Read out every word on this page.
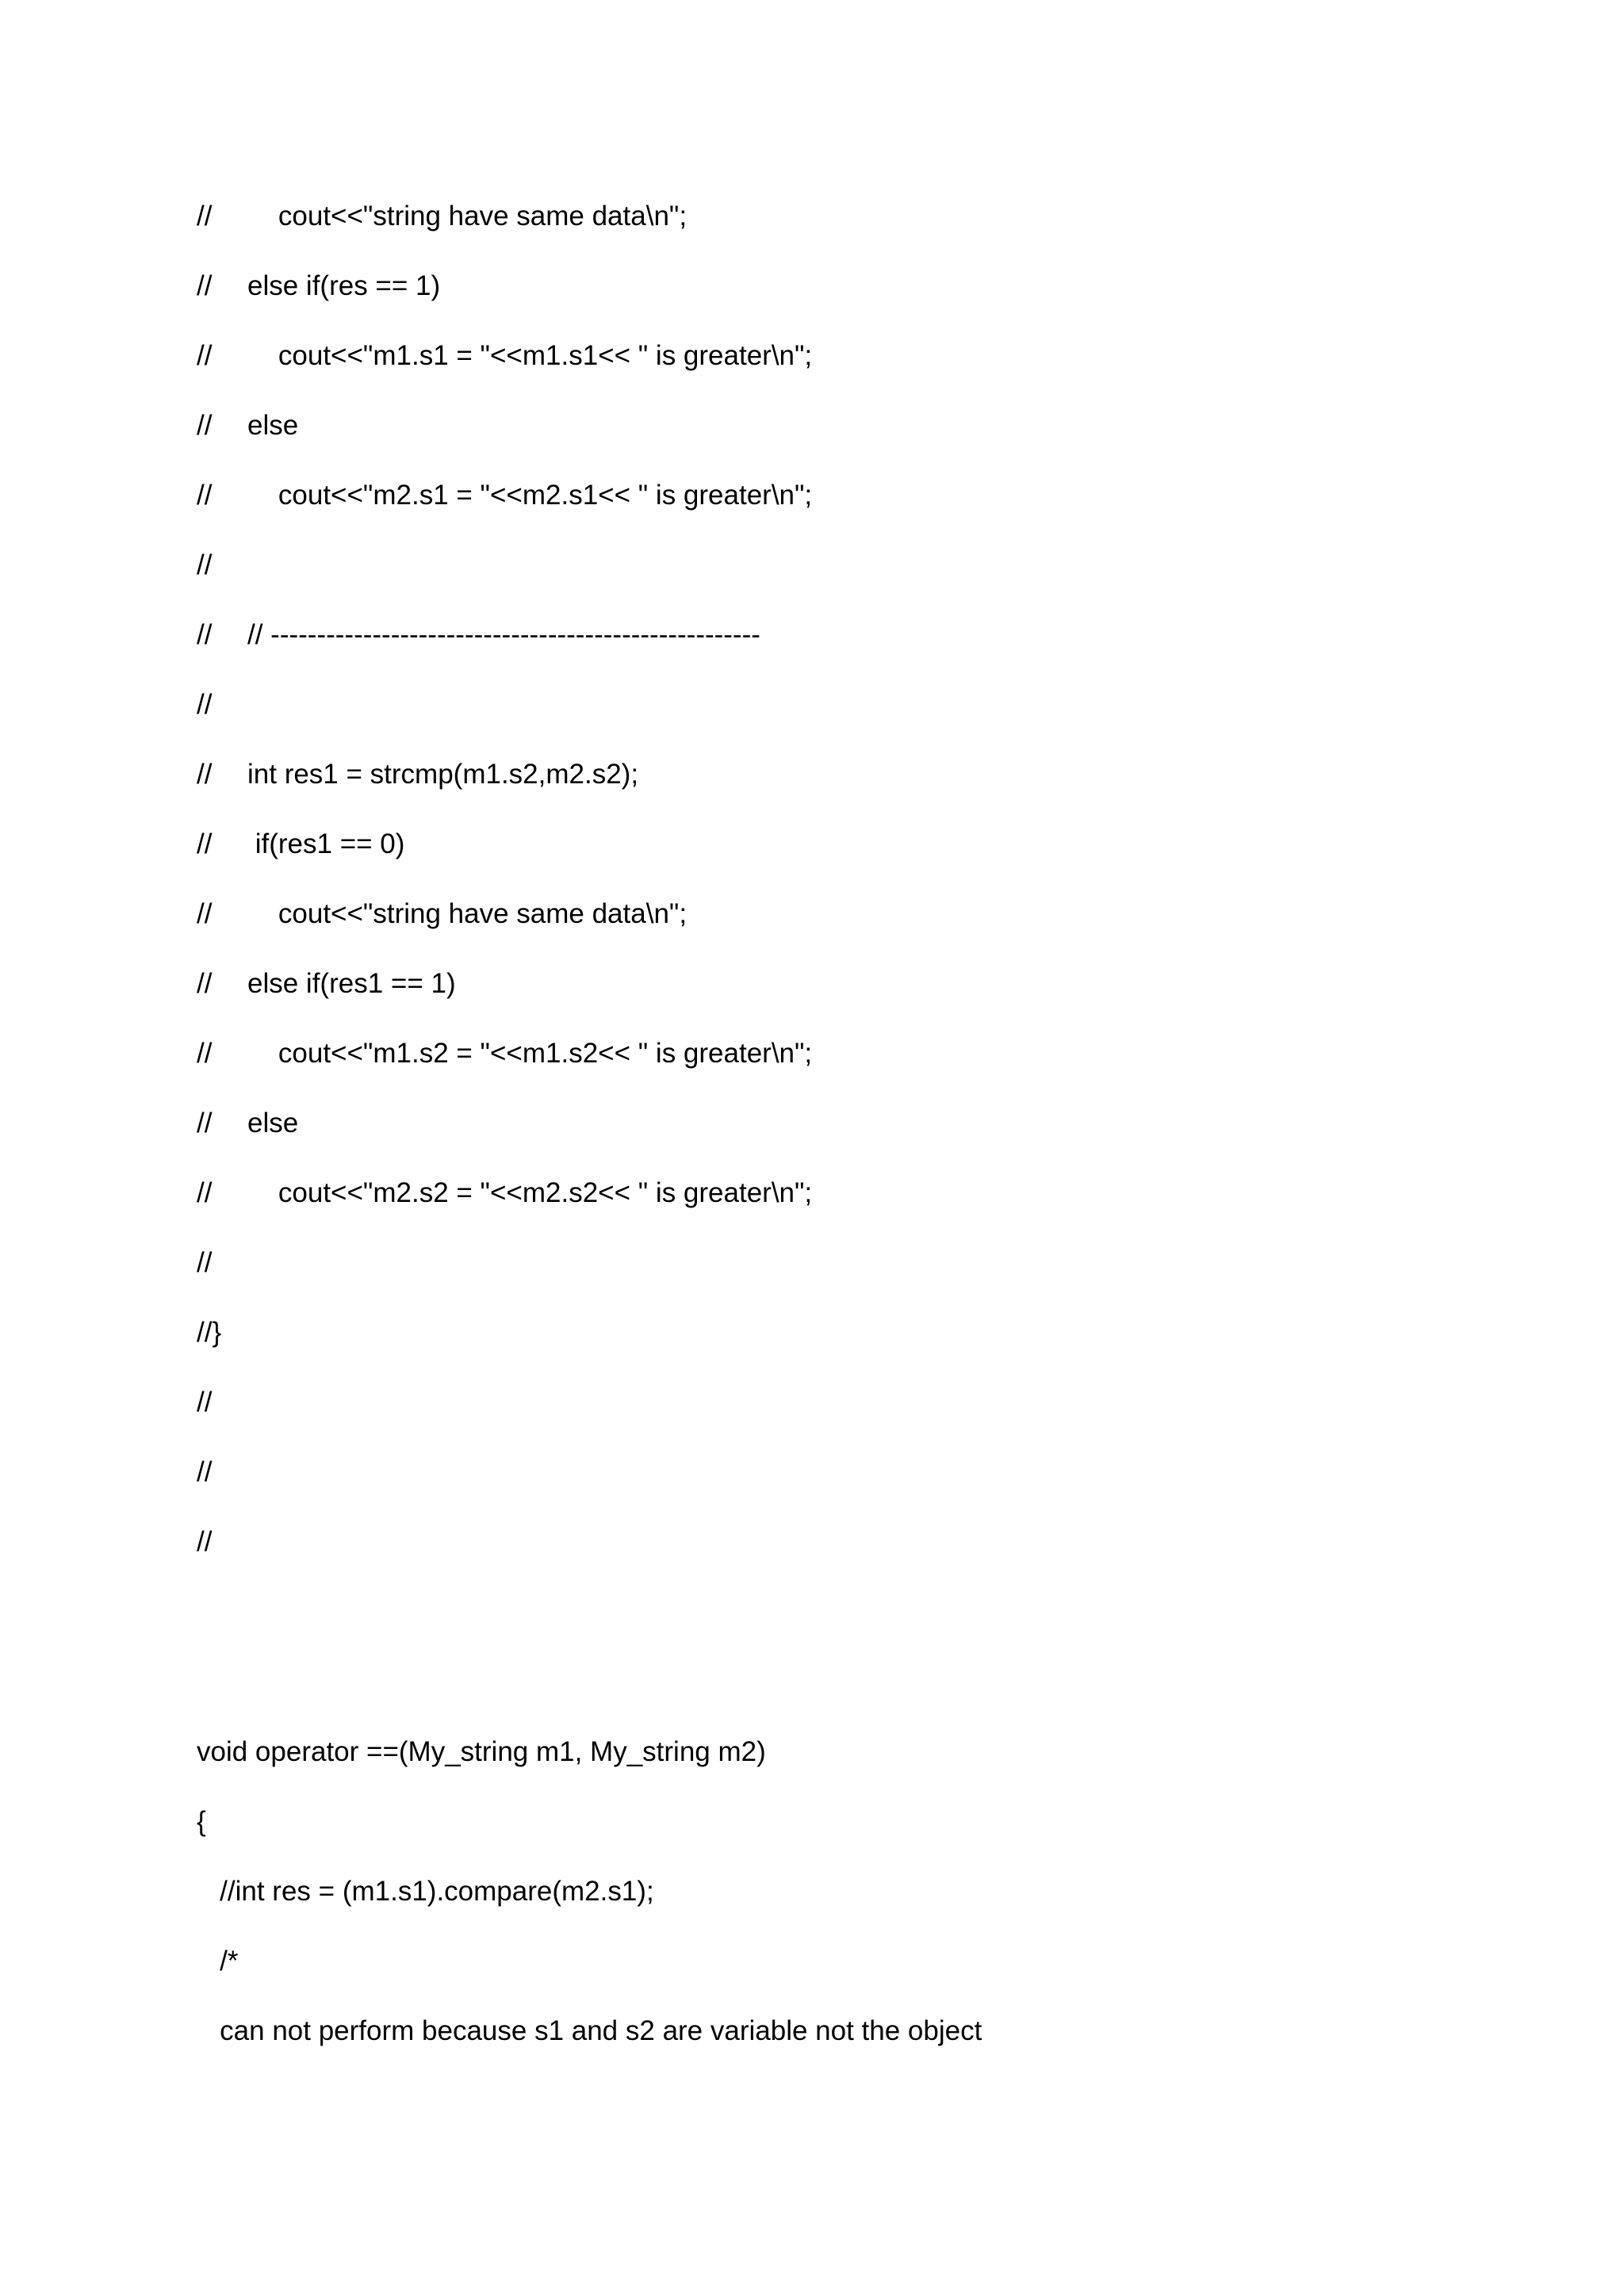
//    cout<<"string have same data\n";
// else if(res == 1)
//    cout<<"m1.s1 = "<<m1.s1<< " is greater\n";
// else
//    cout<<"m2.s1 = "<<m2.s1<< " is greater\n";
//
// // -----------------------------------------------------
//
// int res1 = strcmp(m1.s2,m2.s2);
// if(res1 == 0)
//    cout<<"string have same data\n";
// else if(res1 == 1)
//    cout<<"m1.s2 = "<<m1.s2<< " is greater\n";
// else
//    cout<<"m2.s2 = "<<m2.s2<< " is greater\n";
//
//}
//
//
//
void operator ==(My_string m1, My_string m2)
{
//int res = (m1.s1).compare(m2.s1);
/*
can not perform because s1 and s2 are variable not the object
